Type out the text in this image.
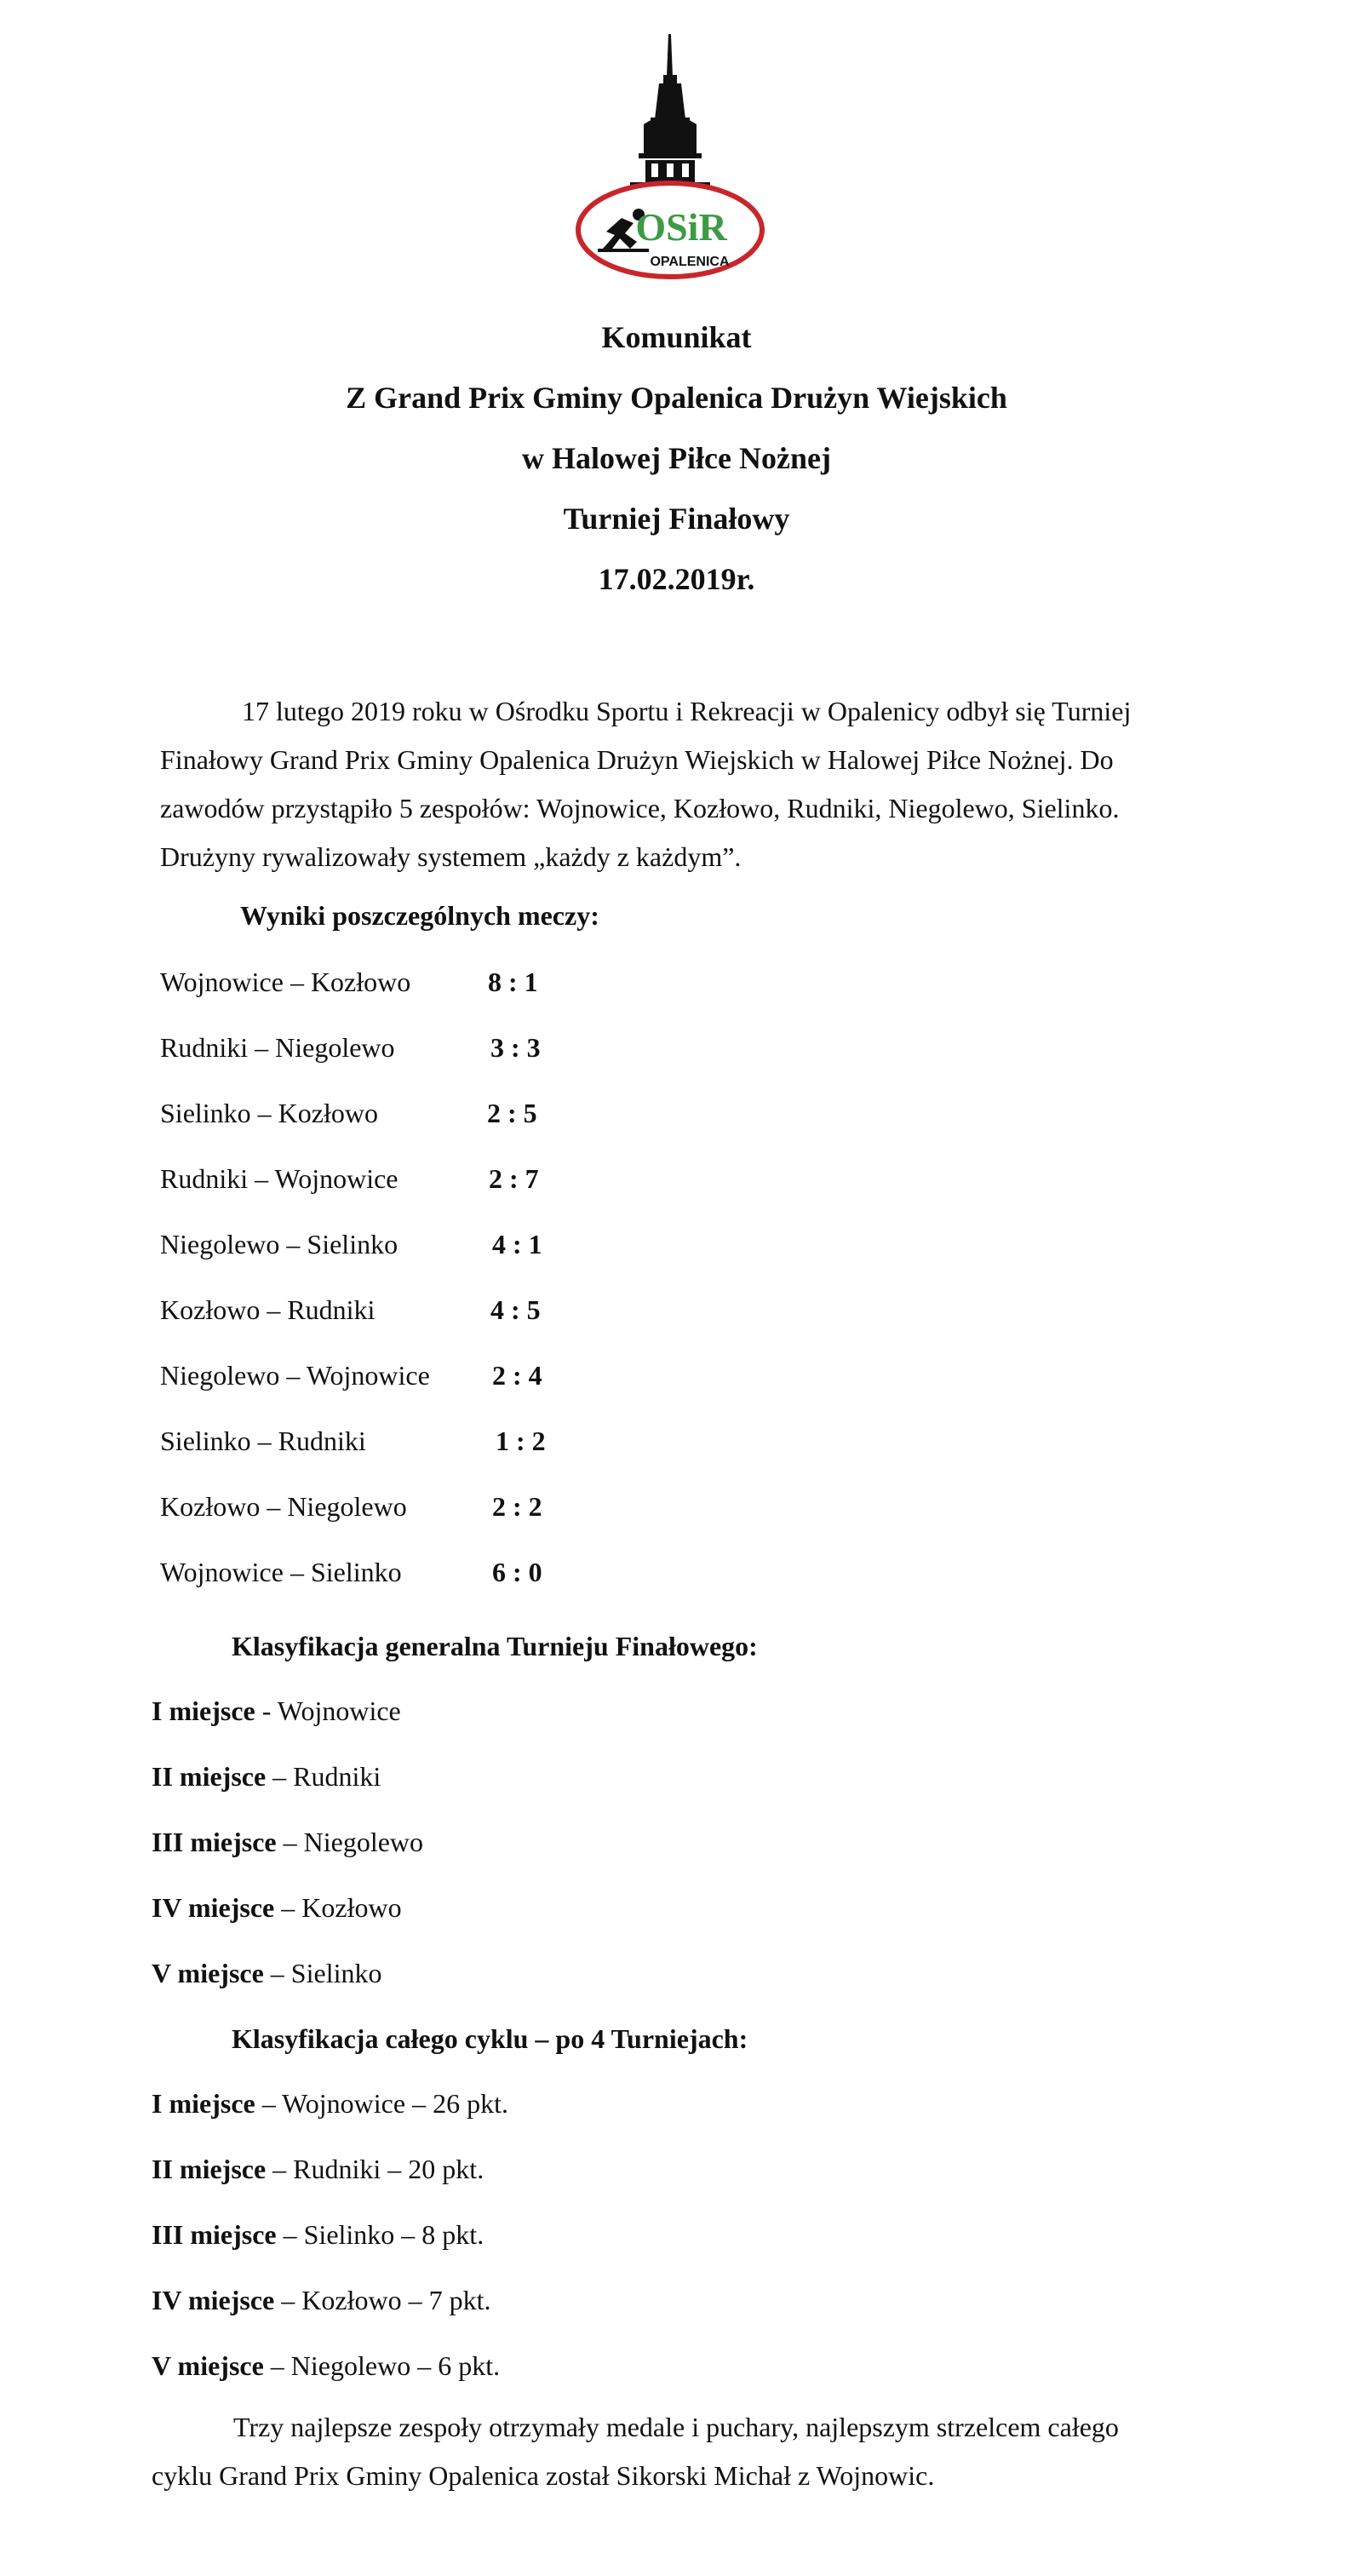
OSiR
OPALENICA
Komunikat
Z Grand Prix Gminy Opalenica Drużyn Wiejskich
w Halowej Piłce Nożnej
Turniej Finałowy
17.02.2019r.
17 lutego 2019 roku w Ośrodku Sportu i Rekreacji w Opalenicy odbył się Turniej Finałowy Grand Prix Gminy Opalenica Drużyn Wiejskich w Halowej Piłce Nożnej. Do zawodów przystąpiło 5 zespołów: Wojnowice, Kozłowo, Rudniki, Niegolewo, Sielinko. Drużyny rywalizowały systemem „każdy z każdym”.
Wyniki poszczególnych meczy:
Wojnowice – Kozłowo	8 : 1
Rudniki – Niegolewo	3 : 3
Sielinko – Kozłowo	2 : 5
Rudniki – Wojnowice	2 : 7
Niegolewo – Sielinko	4 : 1
Kozłowo – Rudniki	4 : 5
Niegolewo – Wojnowice 2 : 4
Sielinko – Rudniki	1 : 2
Kozłowo – Niegolewo	2 : 2
Wojnowice – Sielinko	6 : 0
Klasyfikacja generalna Turnieju Finałowego:
I miejsce - Wojnowice
II miejsce – Rudniki
III miejsce – Niegolewo
IV miejsce – Kozłowo
V miejsce – Sielinko
Klasyfikacja całego cyklu – po 4 Turniejach:
I miejsce – Wojnowice – 26 pkt.
II miejsce – Rudniki – 20 pkt.
III miejsce – Sielinko – 8 pkt.
IV miejsce – Kozłowo – 7 pkt.
V miejsce – Niegolewo – 6 pkt.
Trzy najlepsze zespoły otrzymały medale i puchary, najlepszym strzelcem całego cyklu Grand Prix Gminy Opalenica został Sikorski Michał z Wojnowic.
